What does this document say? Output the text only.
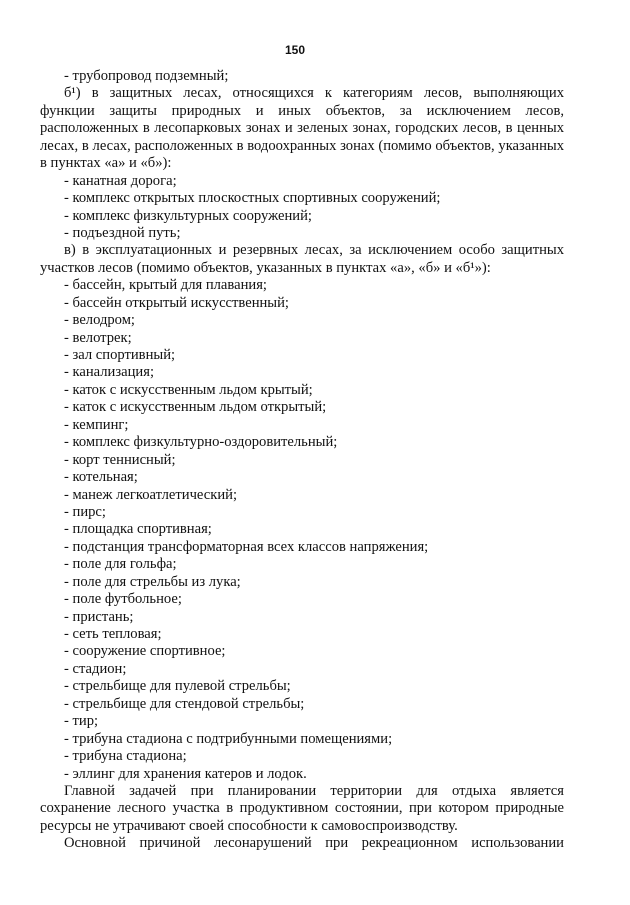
150
- трубопровод подземный;
б¹) в защитных лесах, относящихся к категориям лесов, выполняющих
функции защиты природных и иных объектов, за исключением лесов,
расположенных в лесопарковых зонах и зеленых зонах, городских лесов, в ценных
лесах, в лесах, расположенных в водоохранных зонах (помимо объектов, указанных
в пунктах «а» и «б»):
- канатная дорога;
- комплекс открытых плоскостных спортивных сооружений;
- комплекс физкультурных сооружений;
- подъездной путь;
в) в эксплуатационных и резервных лесах, за исключением особо защитных
участков лесов (помимо объектов, указанных в пунктах «а», «б» и «б¹»):
- бассейн, крытый для плавания;
- бассейн открытый искусственный;
- велодром;
- велотрек;
- зал спортивный;
- канализация;
- каток с искусственным льдом крытый;
- каток с искусственным льдом открытый;
- кемпинг;
- комплекс физкультурно-оздоровительный;
- корт теннисный;
- котельная;
- манеж легкоатлетический;
- пирс;
- площадка спортивная;
- подстанция трансформаторная всех классов напряжения;
- поле для гольфа;
- поле для стрельбы из лука;
- поле футбольное;
- пристань;
- сеть тепловая;
- сооружение спортивное;
- стадион;
- стрельбище для пулевой стрельбы;
- стрельбище для стендовой стрельбы;
- тир;
- трибуна стадиона с подтрибунными помещениями;
- трибуна стадиона;
- эллинг для хранения катеров и лодок.
Главной задачей при планировании территории для отдыха является
сохранение лесного участка в продуктивном состоянии, при котором природные
ресурсы не утрачивают своей способности к самовоспроизводству.
Основной причиной лесонарушений при рекреационном использовании
